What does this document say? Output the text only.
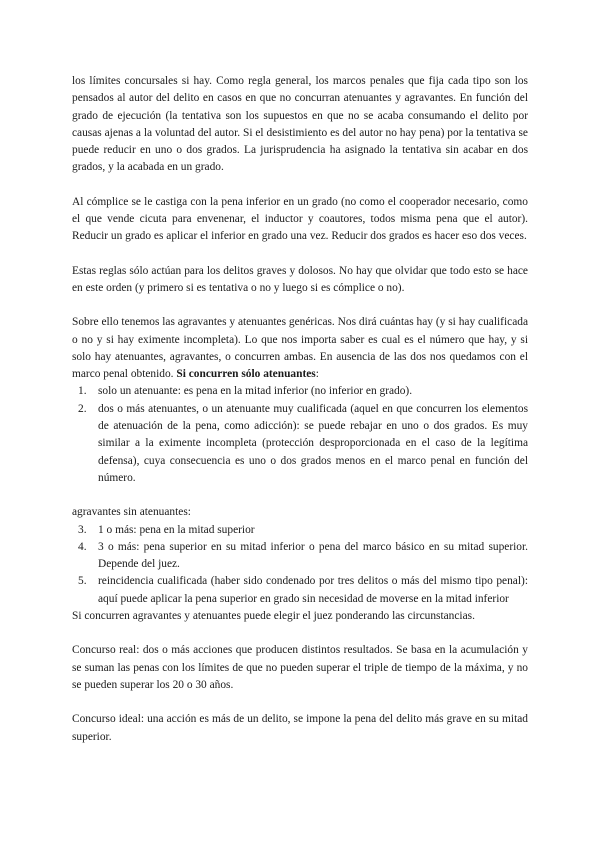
los límites concursales si hay. Como regla general, los marcos penales que fija cada tipo son los pensados al autor del delito en casos en que no concurran atenuantes y agravantes. En función del grado de ejecución (la tentativa son los supuestos en que no se acaba consumando el delito por causas ajenas a la voluntad del autor. Si el desistimiento es del autor no hay pena) por la tentativa se puede reducir en uno o dos grados. La jurisprudencia ha asignado la tentativa sin acabar en dos grados, y la acabada en un grado.

Al cómplice se le castiga con la pena inferior en un grado (no como el cooperador necesario, como el que vende cicuta para envenenar, el inductor y coautores, todos misma pena que el autor). Reducir un grado es aplicar el inferior en grado una vez. Reducir dos grados es hacer eso dos veces.

Estas reglas sólo actúan para los delitos graves y dolosos. No hay que olvidar que todo esto se hace en este orden (y primero si es tentativa o no y luego si es cómplice o no).

Sobre ello tenemos las agravantes y atenuantes genéricas. Nos dirá cuántas hay (y si hay cualificada o no y si hay eximente incompleta). Lo que nos importa saber es cual es el número que hay, y si solo hay atenuantes, agravantes, o concurren ambas. En ausencia de las dos nos quedamos con el marco penal obtenido. Si concurren sólo atenuantes:

1. solo un atenuante: es pena en la mitad inferior (no inferior en grado).
2. dos o más atenuantes, o un atenuante muy cualificada (aquel en que concurren los elementos de atenuación de la pena, como adicción): se puede rebajar en uno o dos grados. Es muy similar a la eximente incompleta (protección desproporcionada en el caso de la legítima defensa), cuya consecuencia es uno o dos grados menos en el marco penal en función del número.

agravantes sin atenuantes:

3. 1 o más: pena en la mitad superior
4. 3 o más: pena superior en su mitad inferior o pena del marco básico en su mitad superior. Depende del juez.
5. reincidencia cualificada (haber sido condenado por tres delitos o más del mismo tipo penal): aquí puede aplicar la pena superior en grado sin necesidad de moverse en la mitad inferior

Si concurren agravantes y atenuantes puede elegir el juez ponderando las circunstancias.

Concurso real: dos o más acciones que producen distintos resultados. Se basa en la acumulación y se suman las penas con los límites de que no pueden superar el triple de tiempo de la máxima, y no se pueden superar los 20 o 30 años.

Concurso ideal: una acción es más de un delito, se impone la pena del delito más grave en su mitad superior.
